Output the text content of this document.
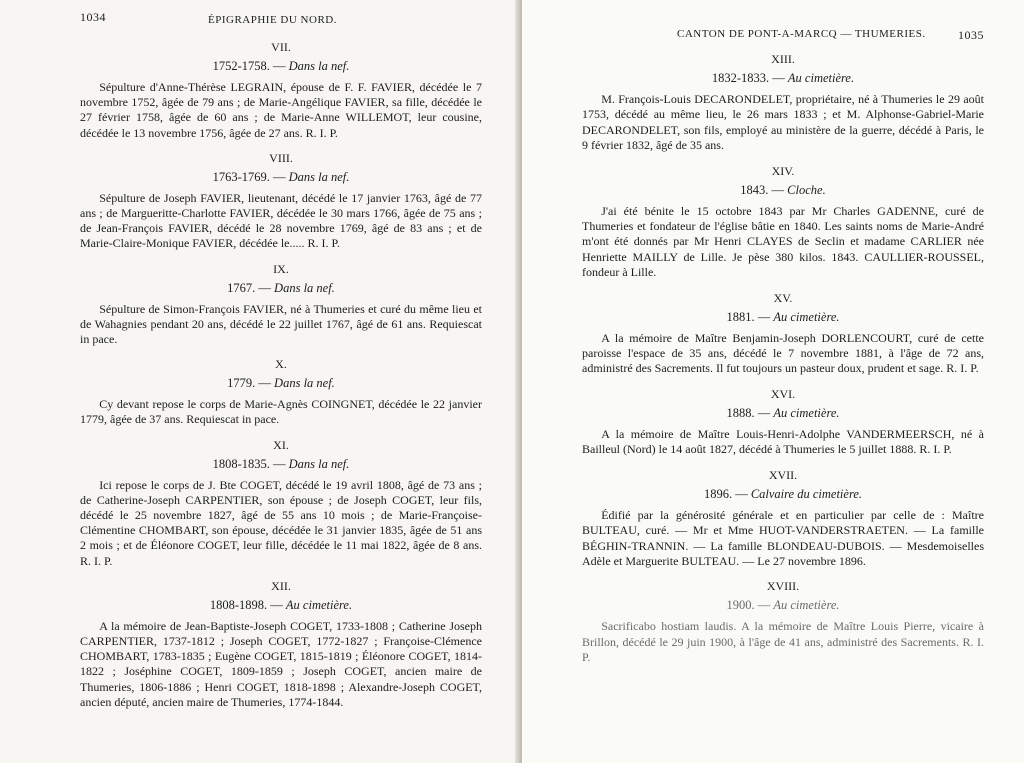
1034	ÉPIGRAPHIE DU NORD.
VII.
1752-1758. — Dans la nef.

Sépulture d'Anne-Thérèse LEGRAIN, épouse de F. F. FAVIER, décédée le 7 novembre 1752, âgée de 79 ans ; de Marie-Angélique FAVIER, sa fille, décédée le 27 février 1758, âgée de 60 ans ; de Marie-Anne WILLEMOT, leur cousine, décédée le 13 novembre 1756, âgée de 27 ans. R. I. P.

VIII.
1763-1769. — Dans la nef.

Sépulture de Joseph FAVIER, lieutenant, décédé le 17 janvier 1763, âgé de 77 ans ; de Margueritte-Charlotte FAVIER, décédée le 30 mars 1766, âgée de 75 ans ; de Jean-François FAVIER, décédé le 28 novembre 1769, âgé de 83 ans ; et de Marie-Claire-Monique FAVIER, décédée le..... R. I. P.

IX.
1767. — Dans la nef.

Sépulture de Simon-François FAVIER, né à Thumeries et curé du même lieu et de Wahagnies pendant 20 ans, décédé le 22 juillet 1767, âgé de 61 ans. Requiescat in pace.

X.
1779. — Dans la nef.

Cy devant repose le corps de Marie-Agnès COINGNET, décédée le 22 janvier 1779, âgée de 37 ans. Requiescat in pace.

XI.
1808-1835. — Dans la nef.

Ici repose le corps de J. Bte COGET, décédé le 19 avril 1808, âgé de 73 ans ; de Catherine-Joseph CARPENTIER, son épouse ; de Joseph COGET, leur fils, décédé le 25 novembre 1827, âgé de 55 ans 10 mois ; de Marie-Françoise-Clémentine CHOMBART, son épouse, décédée le 31 janvier 1835, âgée de 51 ans 2 mois ; et de Éléonore COGET, leur fille, décédée le 11 mai 1822, âgée de 8 ans. R. I. P.

XII.
1808-1898. — Au cimetière.

A la mémoire de Jean-Baptiste-Joseph COGET, 1733-1808 ; Catherine Joseph CARPENTIER, 1737-1812 ; Joseph COGET, 1772-1827 ; Françoise-Clémence CHOMBART, 1783-1835 ; Eugène COGET, 1815-1819 ; Éléonore COGET, 1814-1822 ; Joséphine COGET, 1809-1859 ; Joseph COGET, ancien maire de Thumeries, 1806-1886 ; Henri COGET, 1818-1898 ; Alexandre-Joseph COGET, ancien député, ancien maire de Thumeries, 1774-1844.

CANTON DE PONT-A-MARCQ — THUMERIES.	1035
XIII.
1832-1833. — Au cimetière.

M. François-Louis DECARONDELET, propriétaire, né à Thumeries le 29 août 1753, décédé au même lieu, le 26 mars 1833 ; et M. Alphonse-Gabriel-Marie DECARONDELET, son fils, employé au ministère de la guerre, décédé à Paris, le 9 février 1832, âgé de 35 ans.

XIV.
1843. — Cloche.

J'ai été bénite le 15 octobre 1843 par Mr Charles GADENNE, curé de Thumeries et fondateur de l'église bâtie en 1840. Les saints noms de Marie-André m'ont été donnés par Mr Henri CLAYES de Seclin et madame CARLIER née Henriette MAILLY de Lille. Je pèse 380 kilos. 1843. CAULLIER-ROUSSEL, fondeur à Lille.

XV.
1881. — Au cimetière.

A la mémoire de Maître Benjamin-Joseph DORLENCOURT, curé de cette paroisse l'espace de 35 ans, décédé le 7 novembre 1881, à l'âge de 72 ans, administré des Sacrements. Il fut toujours un pasteur doux, prudent et sage. R. I. P.

XVI.
1888. — Au cimetière.

A la mémoire de Maître Louis-Henri-Adolphe VANDERMEERSCH, né à Bailleul (Nord) le 14 août 1827, décédé à Thumeries le 5 juillet 1888. R. I. P.

XVII.
1896. — Calvaire du cimetière.

Édifié par la générosité générale et en particulier par celle de : Maître BULTEAU, curé. — Mr et Mme HUOT-VANDERSTRAETEN. — La famille BÉGHIN-TRANNIN. — La famille BLONDEAU-DUBOIS. — Mesdemoiselles Adèle et Marguerite BULTEAU. — Le 27 novembre 1896.

XVIII.
1900. — Au cimetière.

Sacrificabo hostiam laudis. A la mémoire de Maître Louis Pierre, vicaire à Brillon, décédé le 29 juin 1900, à l'âge de 41 ans, administré des Sacrements. R. I. P.
